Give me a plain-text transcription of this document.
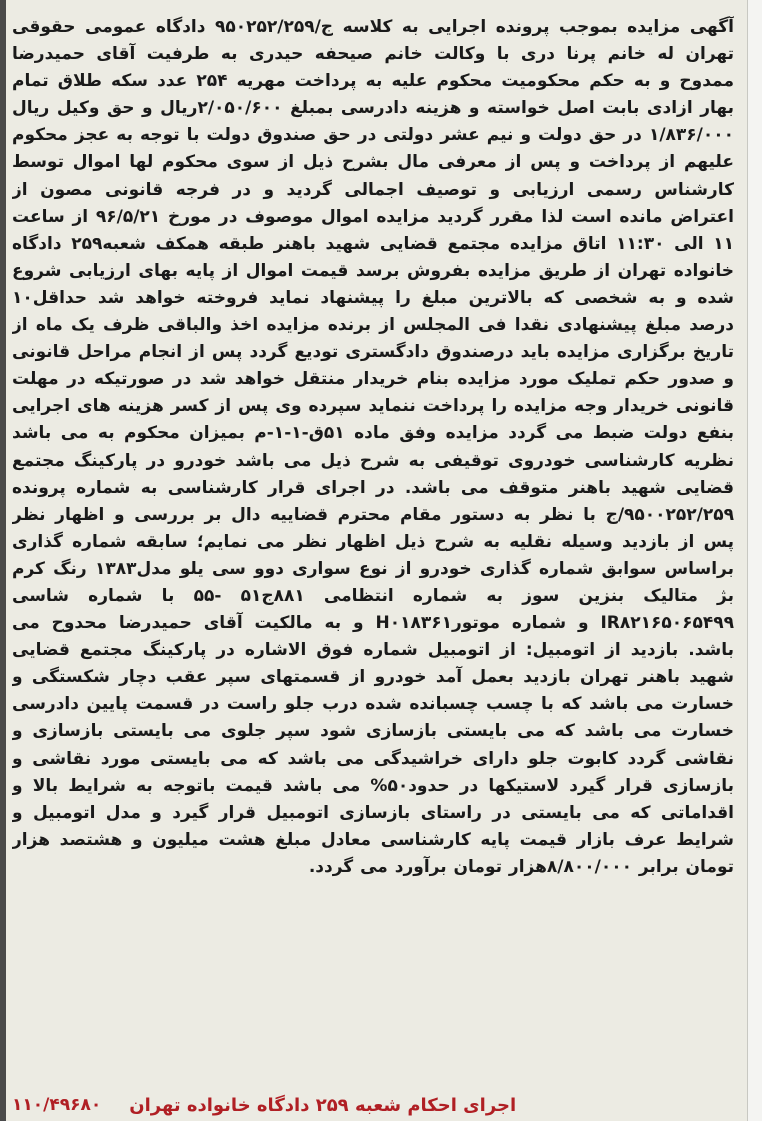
آگهی مزایده بموجب پرونده اجرایی به کلاسه ج/۹۵۰۲۵۲/۲۵۹ دادگاه عمومی حقوقی تهران له خانم پرنا دری با وکالت خانم صیحفه حیدری به طرفیت آقای حمیدرضا ممدوح و به حکم محکومیت محکوم علیه به پرداخت مهریه ۲۵۴ عدد سکه طلاق تمام بهار ازادی بابت اصل خواسته و هزینه دادرسی بمبلغ ۲/۰۵۰/۶۰۰ریال و حق وکیل ریال ۱/۸۳۶/۰۰۰ در حق دولت و نیم عشر دولتی در حق صندوق دولت با توجه به عجز محکوم علیهم از پرداخت و پس از معرفی مال بشرح ذیل از سوی محکوم لها اموال توسط کارشناس رسمی ارزیابی و توصیف اجمالی گردید و در فرجه قانونی مصون از اعتراض مانده است لذا مقرر گردید مزایده اموال موصوف در مورخ ۹۶/۵/۲۱ از ساعت ۱۱ الی ۱۱:۳۰ اتاق مزایده مجتمع قضایی شهید باهنر طبقه همکف شعبه۲۵۹ دادگاه خانواده تهران از طریق مزایده بفروش برسد قیمت اموال از پایه بهای ارزیابی شروع شده و به شخصی که بالاترین مبلغ را پیشنهاد نماید فروخته خواهد شد حداقل۱۰ درصد مبلغ پیشنهادی نقدا فی المجلس از برنده مزایده اخذ والباقی ظرف یک ماه از تاریخ برگزاری مزایده باید درصندوق دادگستری تودیع گردد پس از انجام مراحل قانونی و صدور حکم تملیک مورد مزایده بنام خریدار منتقل خواهد شد در صورتیکه در مهلت قانونی خریدار وجه مزایده را پرداخت ننماید سپرده وی پس از کسر هزینه های اجرایی بنفع دولت ضبط می گردد مزایده وفق ماده ۵۱ق-۱-۱-م بمیزان محکوم به می باشد نظریه کارشناسی خودروی توقیفی به شرح ذیل می باشد خودرو در پارکینگ مجتمع قضایی شهید باهنر متوقف می باشد. در اجرای قرار کارشناسی به شماره پرونده ۹۵۰۰۲۵۲/۲۵۹/ج با نظر به دستور مقام محترم قضاییه دال بر بررسی و اظهار نظر پس از بازدید وسیله نقلیه به شرح ذیل اظهار نظر می نمایم؛ سابقه شماره گذاری براساس سوابق شماره گذاری خودرو از نوع سواری دوو سی یلو مدل۱۳۸۳ رنگ کرم بژ متالیک بنزین سوز به شماره انتظامی ۸۸۱ج۵۱ -۵۵ با شماره شاسی IR۸۲۱۶۵۰۶۵۴۹۹ و شماره موتورH۰۱۸۳۶۱ و به مالکیت آقای حمیدرضا محدوح می باشد. بازدید از اتومبیل: از اتومبیل شماره فوق الاشاره در پارکینگ مجتمع قضایی شهید باهنر تهران بازدید بعمل آمد خودرو از قسمتهای سپر عقب دچار شکستگی و خسارت می باشد که با چسب چسبانده شده درب جلو راست در قسمت پایین دادرسی خسارت می باشد که می بایستی بازسازی شود سپر جلوی می بایستی بازسازی و نقاشی گردد کابوت جلو دارای خراشیدگی می باشد که می بایستی مورد نقاشی و بازسازی قرار گیرد لاستیکها در حدود۵۰% می باشد قیمت باتوجه به شرایط بالا و اقداماتی که می بایستی در راستای بازسازی اتومبیل قرار گیرد و مدل اتومبیل و شرایط عرف بازار قیمت پایه کارشناسی معادل مبلغ هشت میلیون و هشتصد هزار تومان برابر ۸/۸۰۰/۰۰۰هزار تومان برآورد می گردد.
اجرای احکام شعبه ۲۵۹ دادگاه خانواده تهران
۱۱۰/۴۹۶۸۰
